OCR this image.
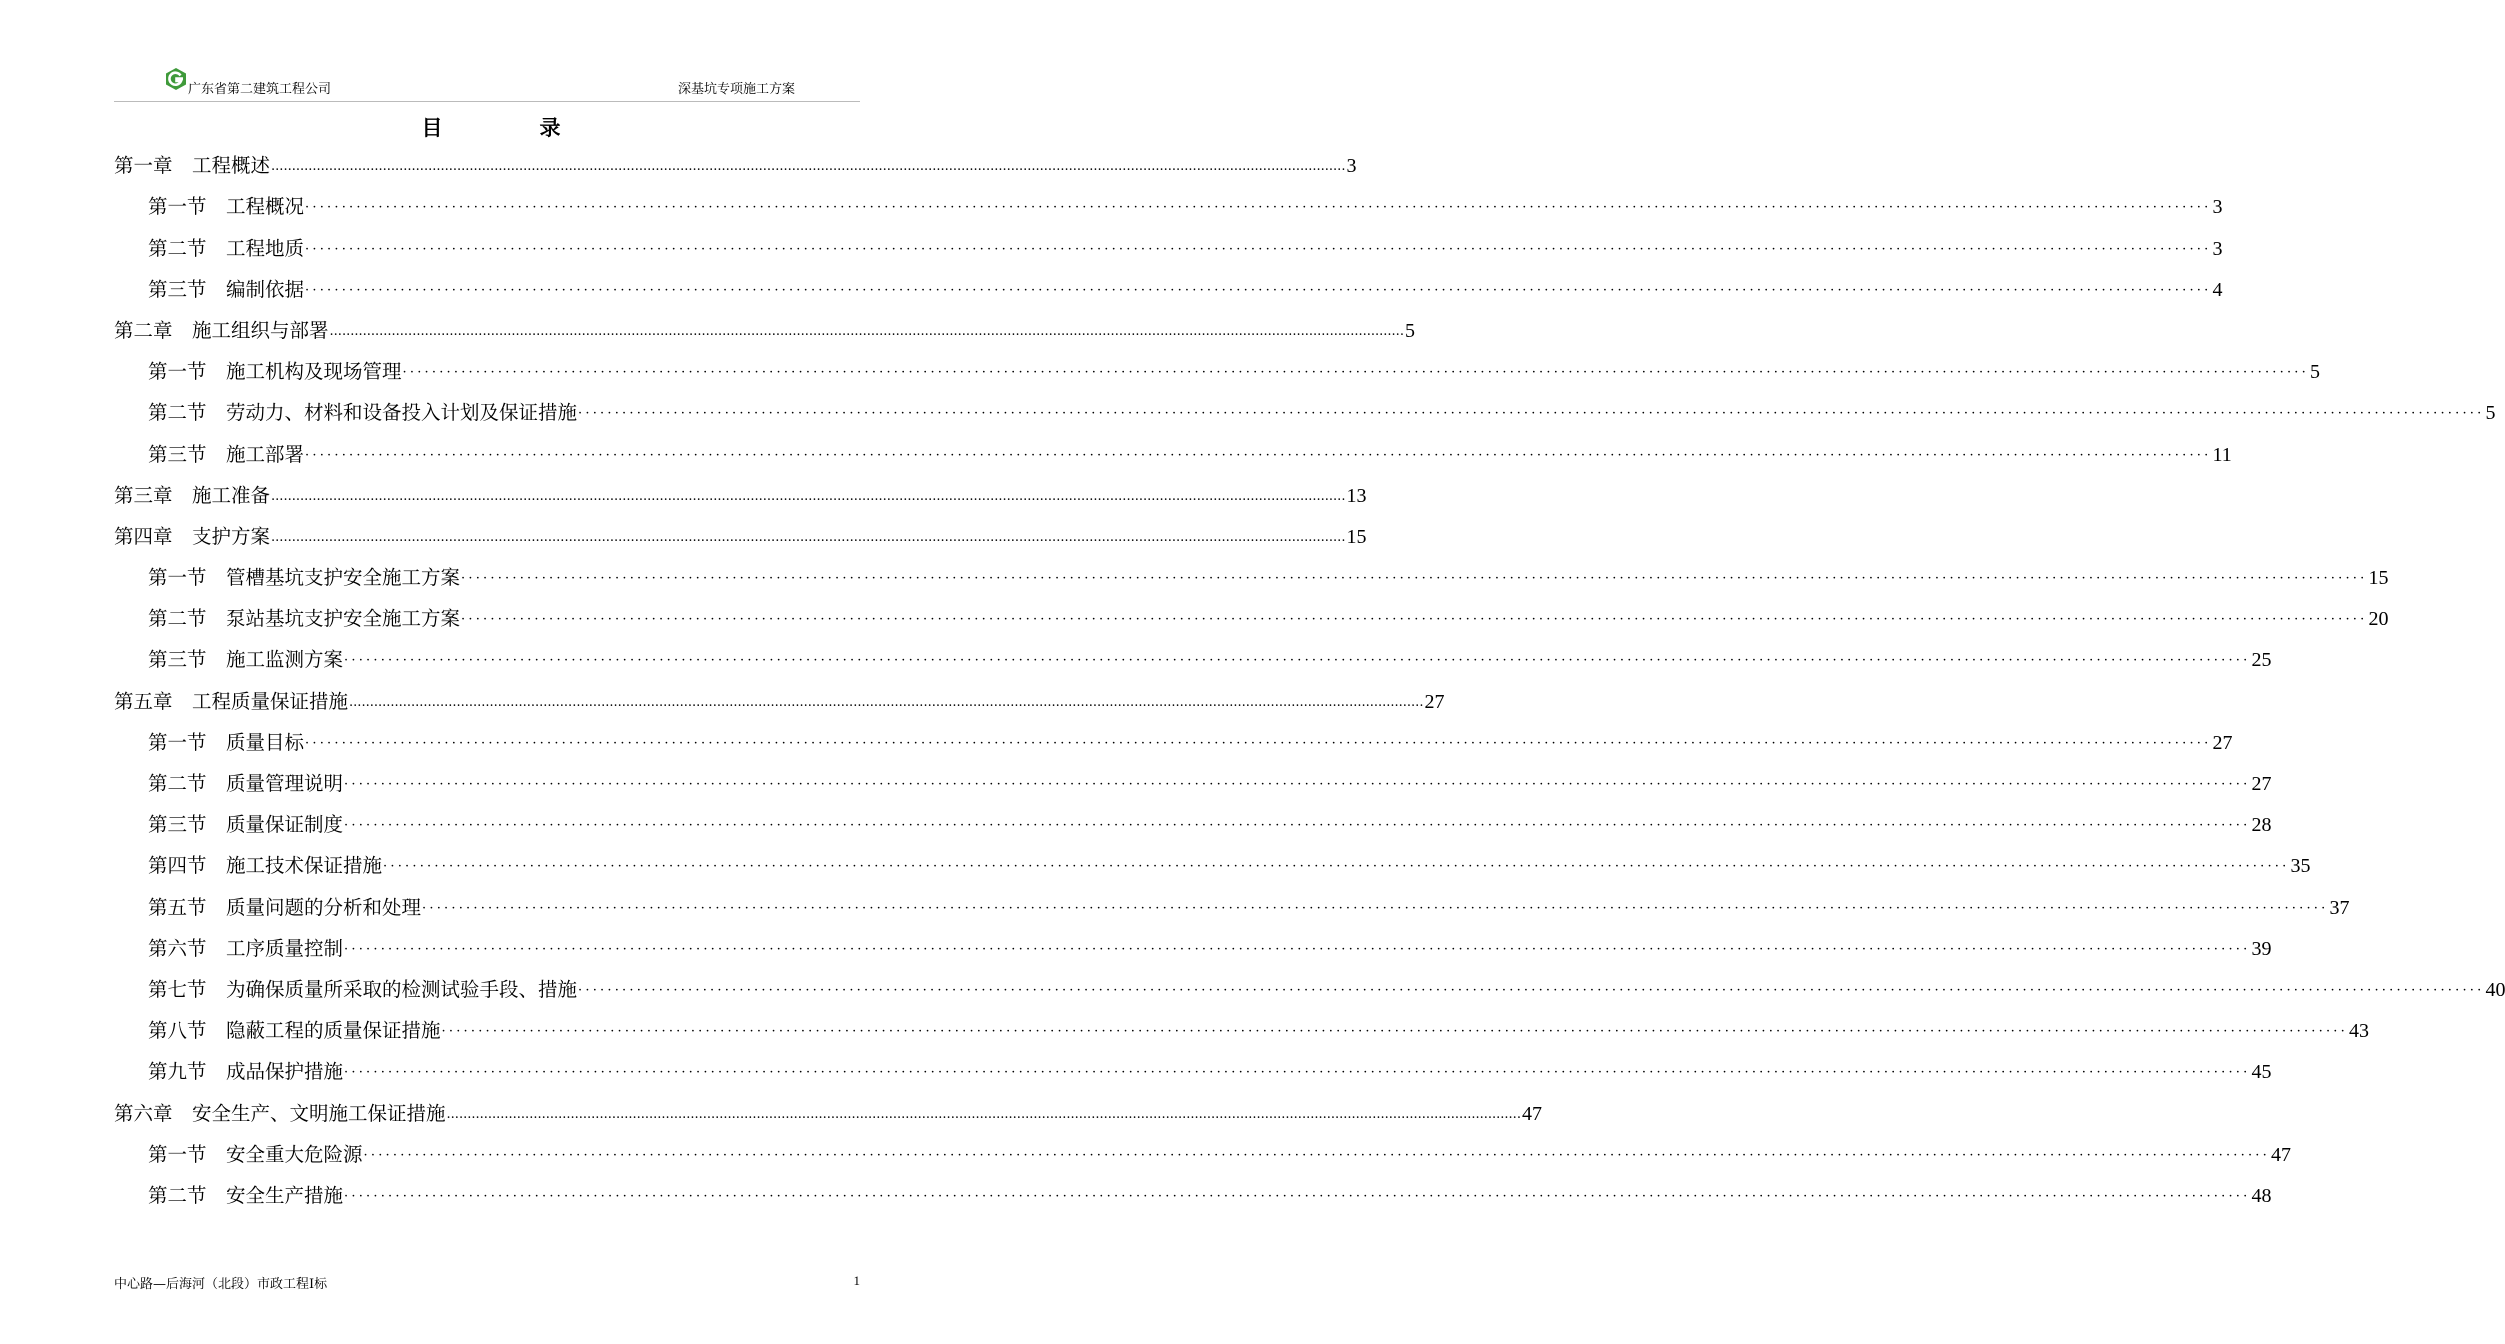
广东省第二建筑工程公司	深基坑专项施工方案
目　录
第一章
　 工程概述 .................................................................................................................................................................................................................................................................... 3
第一节
　 工程概况 ···································································································································································································································································· 3
第二节
　 工程地质 ···································································································································································································································································· 3
第三节
　 编制依据 ···································································································································································································································································· 4
第二章
　 施工组织与部署 .................................................................................................................................................................................................................................................................... 5
第一节
　 施工机构及现场管理 ···································································································································································································································································· 5
第二节
　 劳动力、材料和设备投入计划及保证措施 ···································································································································································································································································· 5
第三节
　 施工部署 ···································································································································································································································································· 11
第三章
　 施工准备 .................................................................................................................................................................................................................................................................... 13
第四章
　 支护方案 .................................................................................................................................................................................................................................................................... 15
第一节
　 管槽基坑支护安全施工方案 ···································································································································································································································································· 15
第二节
　 泵站基坑支护安全施工方案 ···································································································································································································································································· 20
第三节
　 施工监测方案 ···································································································································································································································································· 25
第五章
　 工程质量保证措施 .................................................................................................................................................................................................................................................................... 27
第一节
　 质量目标 ···································································································································································································································································· 27
第二节
　 质量管理说明 ···································································································································································································································································· 27
第三节
　 质量保证制度 ···································································································································································································································································· 28
第四节
　 施工技术保证措施 ···································································································································································································································································· 35
第五节
　 质量问题的分析和处理 ···································································································································································································································································· 37
第六节
　 工序质量控制 ···································································································································································································································································· 39
第七节
　 为确保质量所采取的检测试验手段、措施 ···································································································································································································································································· 40
第八节
　 隐蔽工程的质量保证措施 ···································································································································································································································································· 43
第九节
　 成品保护措施 ···································································································································································································································································· 45
第六章
　 安全生产、文明施工保证措施 .................................................................................................................................................................................................................................................................... 47
第一节
　 安全重大危险源 ···································································································································································································································································· 47
第二节
　 安全生产措施 ···································································································································································································································································· 48
中心路—后海河（北段）市政工程Ⅰ标	1
